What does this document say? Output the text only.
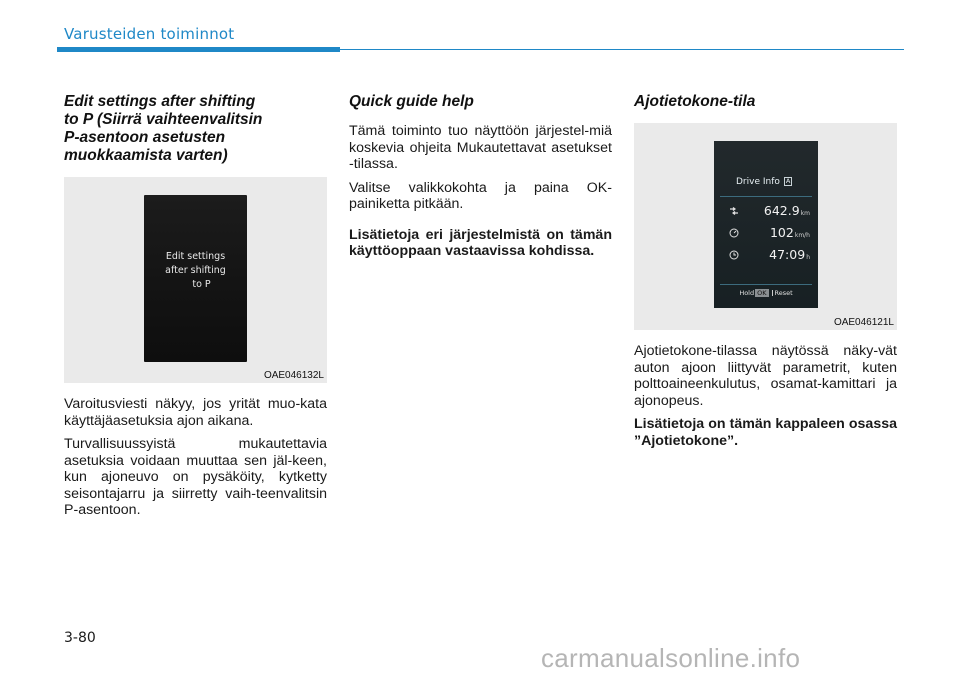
Varusteiden toiminnot
Edit settings after shifting
to P (Siirrä vaihteenvalitsin
P-asentoon asetusten
muokkaamista varten)
Edit settings
after shifting
to P
OAE046132L

Varoitusviesti näkyy, jos yrität muo-kata käyttäjäasetuksia ajon aikana.

Turvallisuussyistä mukautettavia asetuksia voidaan muuttaa sen jäl-keen, kun ajoneuvo on pysäköity, kytketty seisontajarru ja siirretty vaih-teenvalitsin P-asentoon.

Quick guide help

Tämä toiminto tuo näyttöön järjestel-miä koskevia ohjeita Mukautettavat asetukset -tilassa.

Valitse valikkokohta ja paina OK-painiketta pitkään.

Lisätietoja eri järjestelmistä on tämän käyttöoppaan vastaavissa kohdissa.

Ajotietokone-tila
Drive Info A
642.9km
102km/h
47:09h
Hold OK Reset
OAE046121L

Ajotietokone-tilassa näytössä näky-vät auton ajoon liittyvät parametrit, kuten polttoaineenkulutus, osamat-kamittari ja ajonopeus.

Lisätietoja on tämän kappaleen osassa ”Ajotietokone”.

3-80
carmanualsonline.info
